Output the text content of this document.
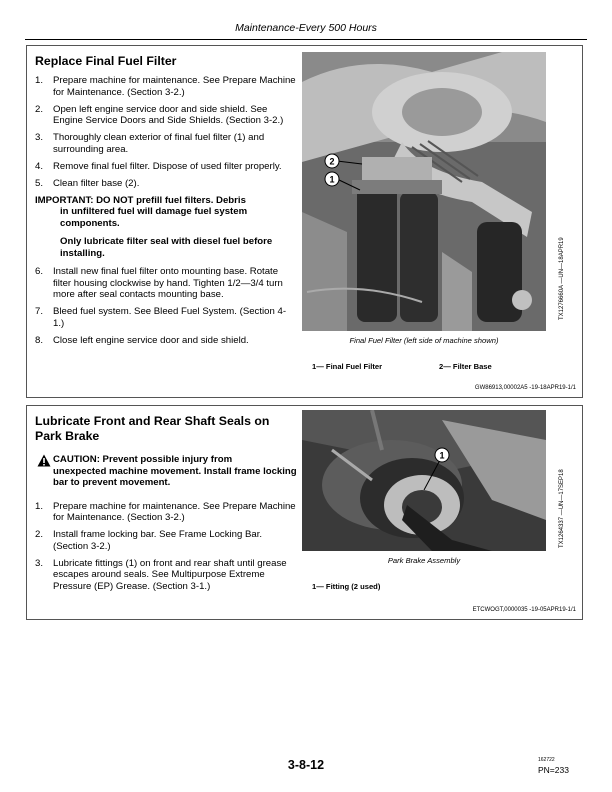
Maintenance-Every 500 Hours
Replace Final Fuel Filter
1. Prepare machine for maintenance. See Prepare Machine for Maintenance. (Section 3-2.)
2. Open left engine service door and side shield. See Engine Service Doors and Side Shields. (Section 3-2.)
3. Thoroughly clean exterior of final fuel filter (1) and surrounding area.
4. Remove final fuel filter. Dispose of used filter properly.
5. Clean filter base (2).
IMPORTANT: DO NOT prefill fuel filters. Debris
in unfiltered fuel will damage fuel system components.
Only lubricate filter seal with diesel fuel before installing.
6. Install new final fuel filter onto mounting base. Rotate filter housing clockwise by hand. Tighten 1/2—3/4 turn more after seal contacts mounting base.
7. Bleed fuel system. See Bleed Fuel System. (Section 4-1.)
8. Close left engine service door and side shield.
2
1
TX1276660A —UN—18APR19
Final Fuel Filter (left side of machine shown)
1— Final Fuel Filter	2— Filter Base
GW86913,00002A5 -19-18APR19-1/1
Lubricate Front and Rear Shaft Seals on Park Brake
CAUTION: Prevent possible injury from
unexpected machine movement. Install frame locking bar to prevent movement.
1. Prepare machine for maintenance. See Prepare Machine for Maintenance. (Section 3-2.)
2. Install frame locking bar. See Frame Locking Bar. (Section 3-2.)
3. Lubricate fittings (1) on front and rear shaft until grease escapes around seals. See Multipurpose Extreme Pressure (EP) Grease. (Section 3-1.)
1
TX1264337 —UN—17SEP18
Park Brake Assembly
1— Fitting (2 used)
ETCWOGT,0000035 -19-05APR19-1/1
3-8-12	162722
PN=233
